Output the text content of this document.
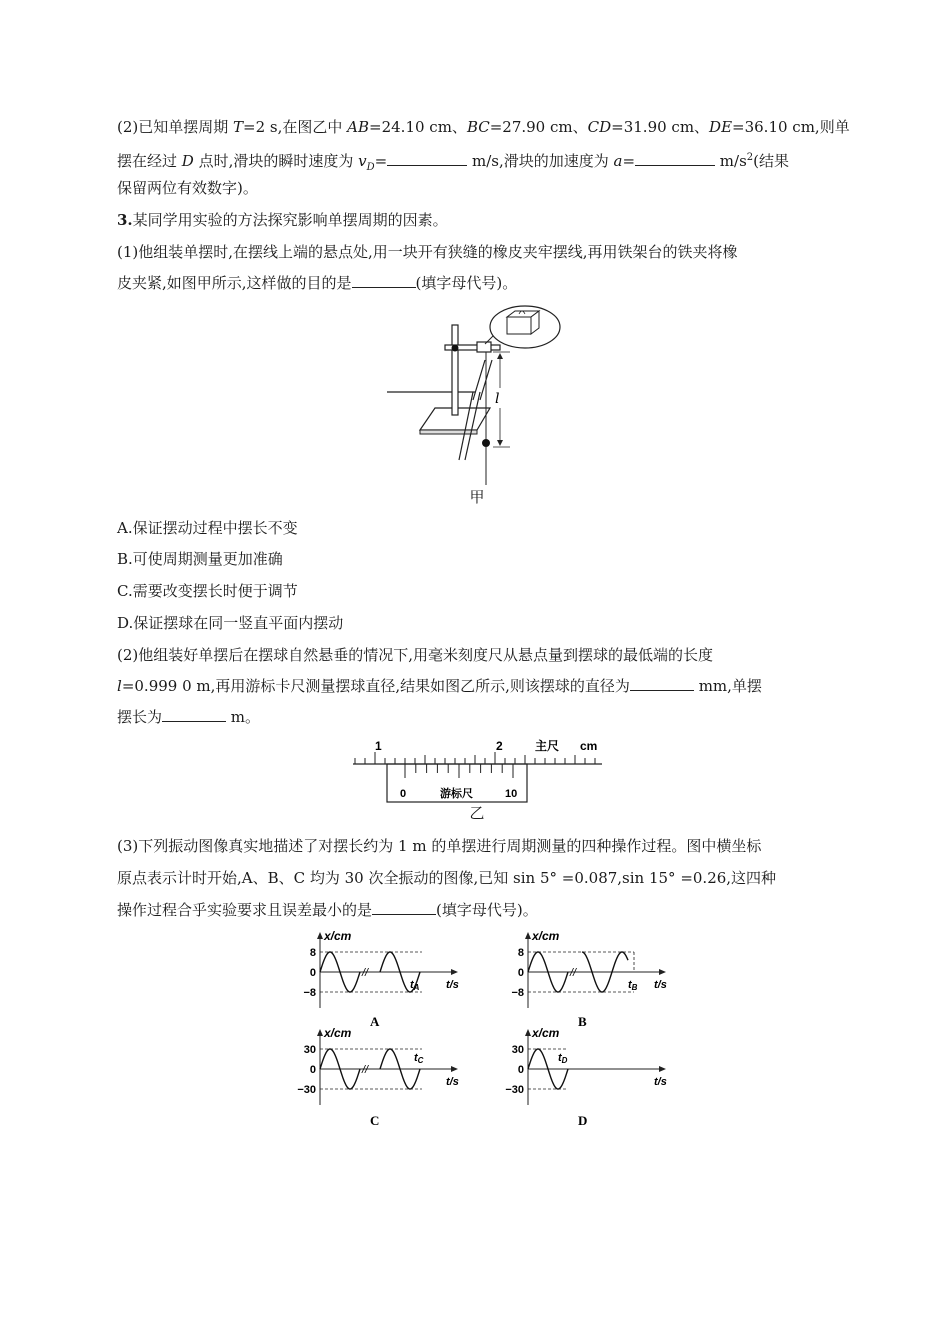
(2)已知单摆周期 T=2 s,在图乙中 AB=24.10 cm、BC=27.90 cm、CD=31.90 cm、DE=36.10 cm,则单
摆在经过 D 点时,滑块的瞬时速度为 $v_D=$	m/s,滑块的加速度为 a=	$m/s^2$(结果
保留两位有效数字)。
3.某同学用实验的方法探究影响单摆周期的因素。
(1)他组装单摆时,在摆线上端的悬点处,用一块开有狭缝的橡皮夹牢摆线,再用铁架台的铁夹将橡
皮夹紧,如图甲所示,这样做的目的是	(填字母代号)。
l
甲
A.保证摆动过程中摆长不变
B.可使周期测量更加准确
C.需要改变摆长时便于调节
D.保证摆球在同一竖直平面内摆动
(2)他组装好单摆后在摆球自然悬垂的情况下,用毫米刻度尺从悬点量到摆球的最低端的长度
l=0.999 0 m,再用游标卡尺测量摆球直径,结果如图乙所示,则该摆球的直径为	mm,单摆
摆长为	m。
1	2	主尺 cm
0	游标尺	10
乙
(3)下列振动图像真实地描述了对摆长约为 1 m 的单摆进行周期测量的四种操作过程。图中横坐标
原点表示计时开始,A、B、C 均为 30 次全振动的图像,已知 sin 5° =0.087,sin 15° =0.26,这四种
操作过程合乎实验要求且误差最小的是	(填字母代号)。
//
x/cm
8
0
−8
tA t/s
A
//
x/cm
8
0
−8
tB t/s
B
//
x/cm
30
0
−30
tC
t/s
C
x/cm
30
0
−30
tD
t/s
D
